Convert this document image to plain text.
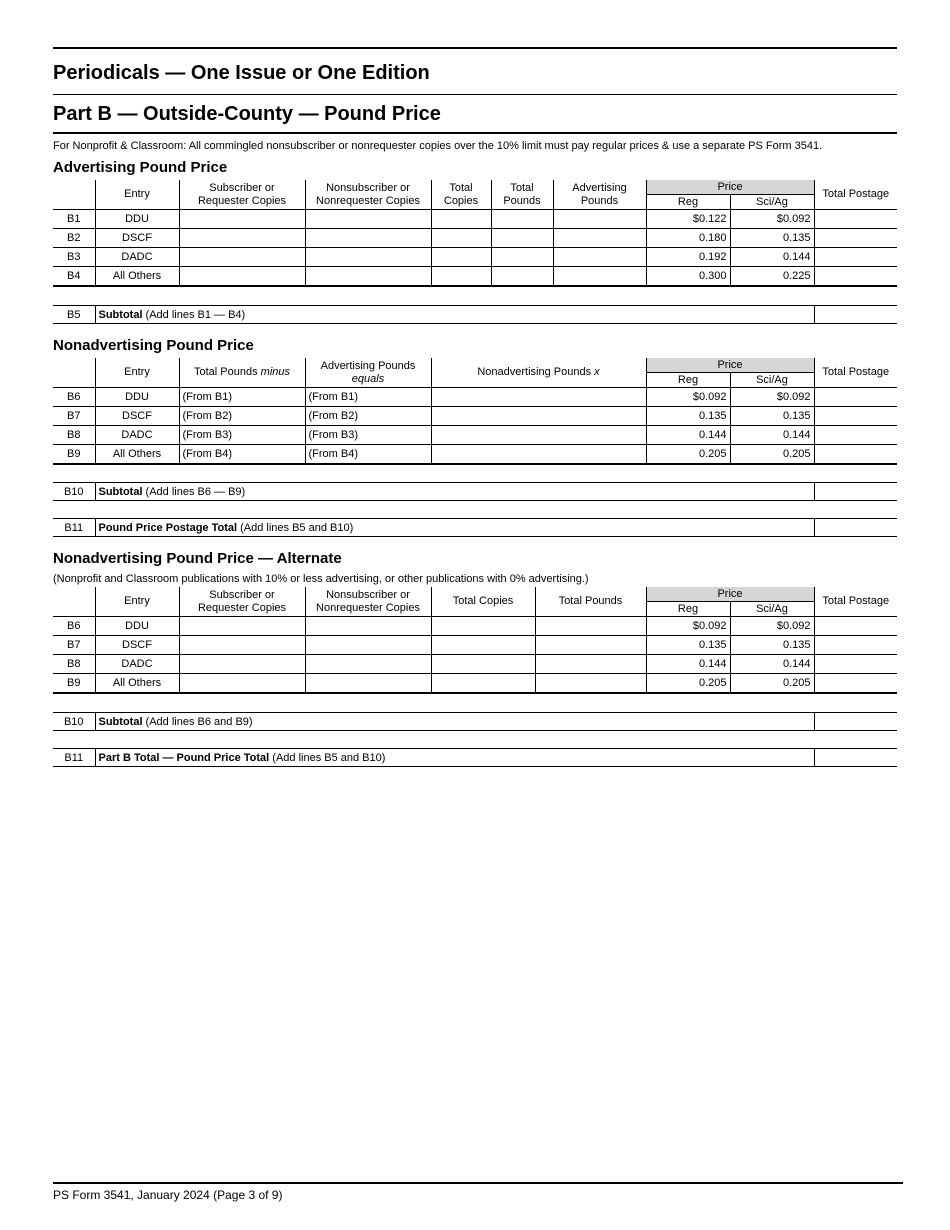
Periodicals — One Issue or One Edition
Part B — Outside-County — Pound Price

For Nonprofit & Classroom: All commingled nonsubscriber or nonrequester copies over the 10% limit must pay regular prices & use a separate PS Form 3541.

Advertising Pound Price
	Entry	Subscriber or
Requester Copies	Nonsubscriber or
Nonrequester Copies	Total
Copies	Total
Pounds	Advertising
Pounds	Price		Total Postage
							Reg	Sci/Ag	
B1	DDU						$0.122	$0.092	
B2	DSCF						0.180	0.135	
B3	DADC						0.192	0.144	
B4	All Others						0.300	0.225	
B5	Subtotal (Add lines B1 — B4)	
Nonadvertising Pound Price
	Entry	Total Pounds minus	Advertising Pounds
equals	Nonadvertising Pounds x	Price		Total Postage
					Reg	Sci/Ag	
B6	DDU	(From B1)	(From B1)		$0.092	$0.092	
B7	DSCF	(From B2)	(From B2)		0.135	0.135	
B8	DADC	(From B3)	(From B3)		0.144	0.144	
B9	All Others	(From B4)	(From B4)		0.205	0.205	
B10	Subtotal (Add lines B6 — B9)	
B11	Pound Price Postage Total (Add lines B5 and B10)	
Nonadvertising Pound Price — Alternate

(Nonprofit and Classroom publications with 10% or less advertising, or other publications with 0% advertising.)

	Entry	Subscriber or
Requester Copies	Nonsubscriber or
Nonrequester Copies	Total Copies	Total Pounds	Price		Total Postage
						Reg	Sci/Ag	
B6	DDU					$0.092	$0.092	
B7	DSCF					0.135	0.135	
B8	DADC					0.144	0.144	
B9	All Others					0.205	0.205	
B10	Subtotal (Add lines B6 and B9)	
B11	Part B Total — Pound Price Total (Add lines B5 and B10)	
PS Form 3541, January 2024 (Page 3 of 9)
